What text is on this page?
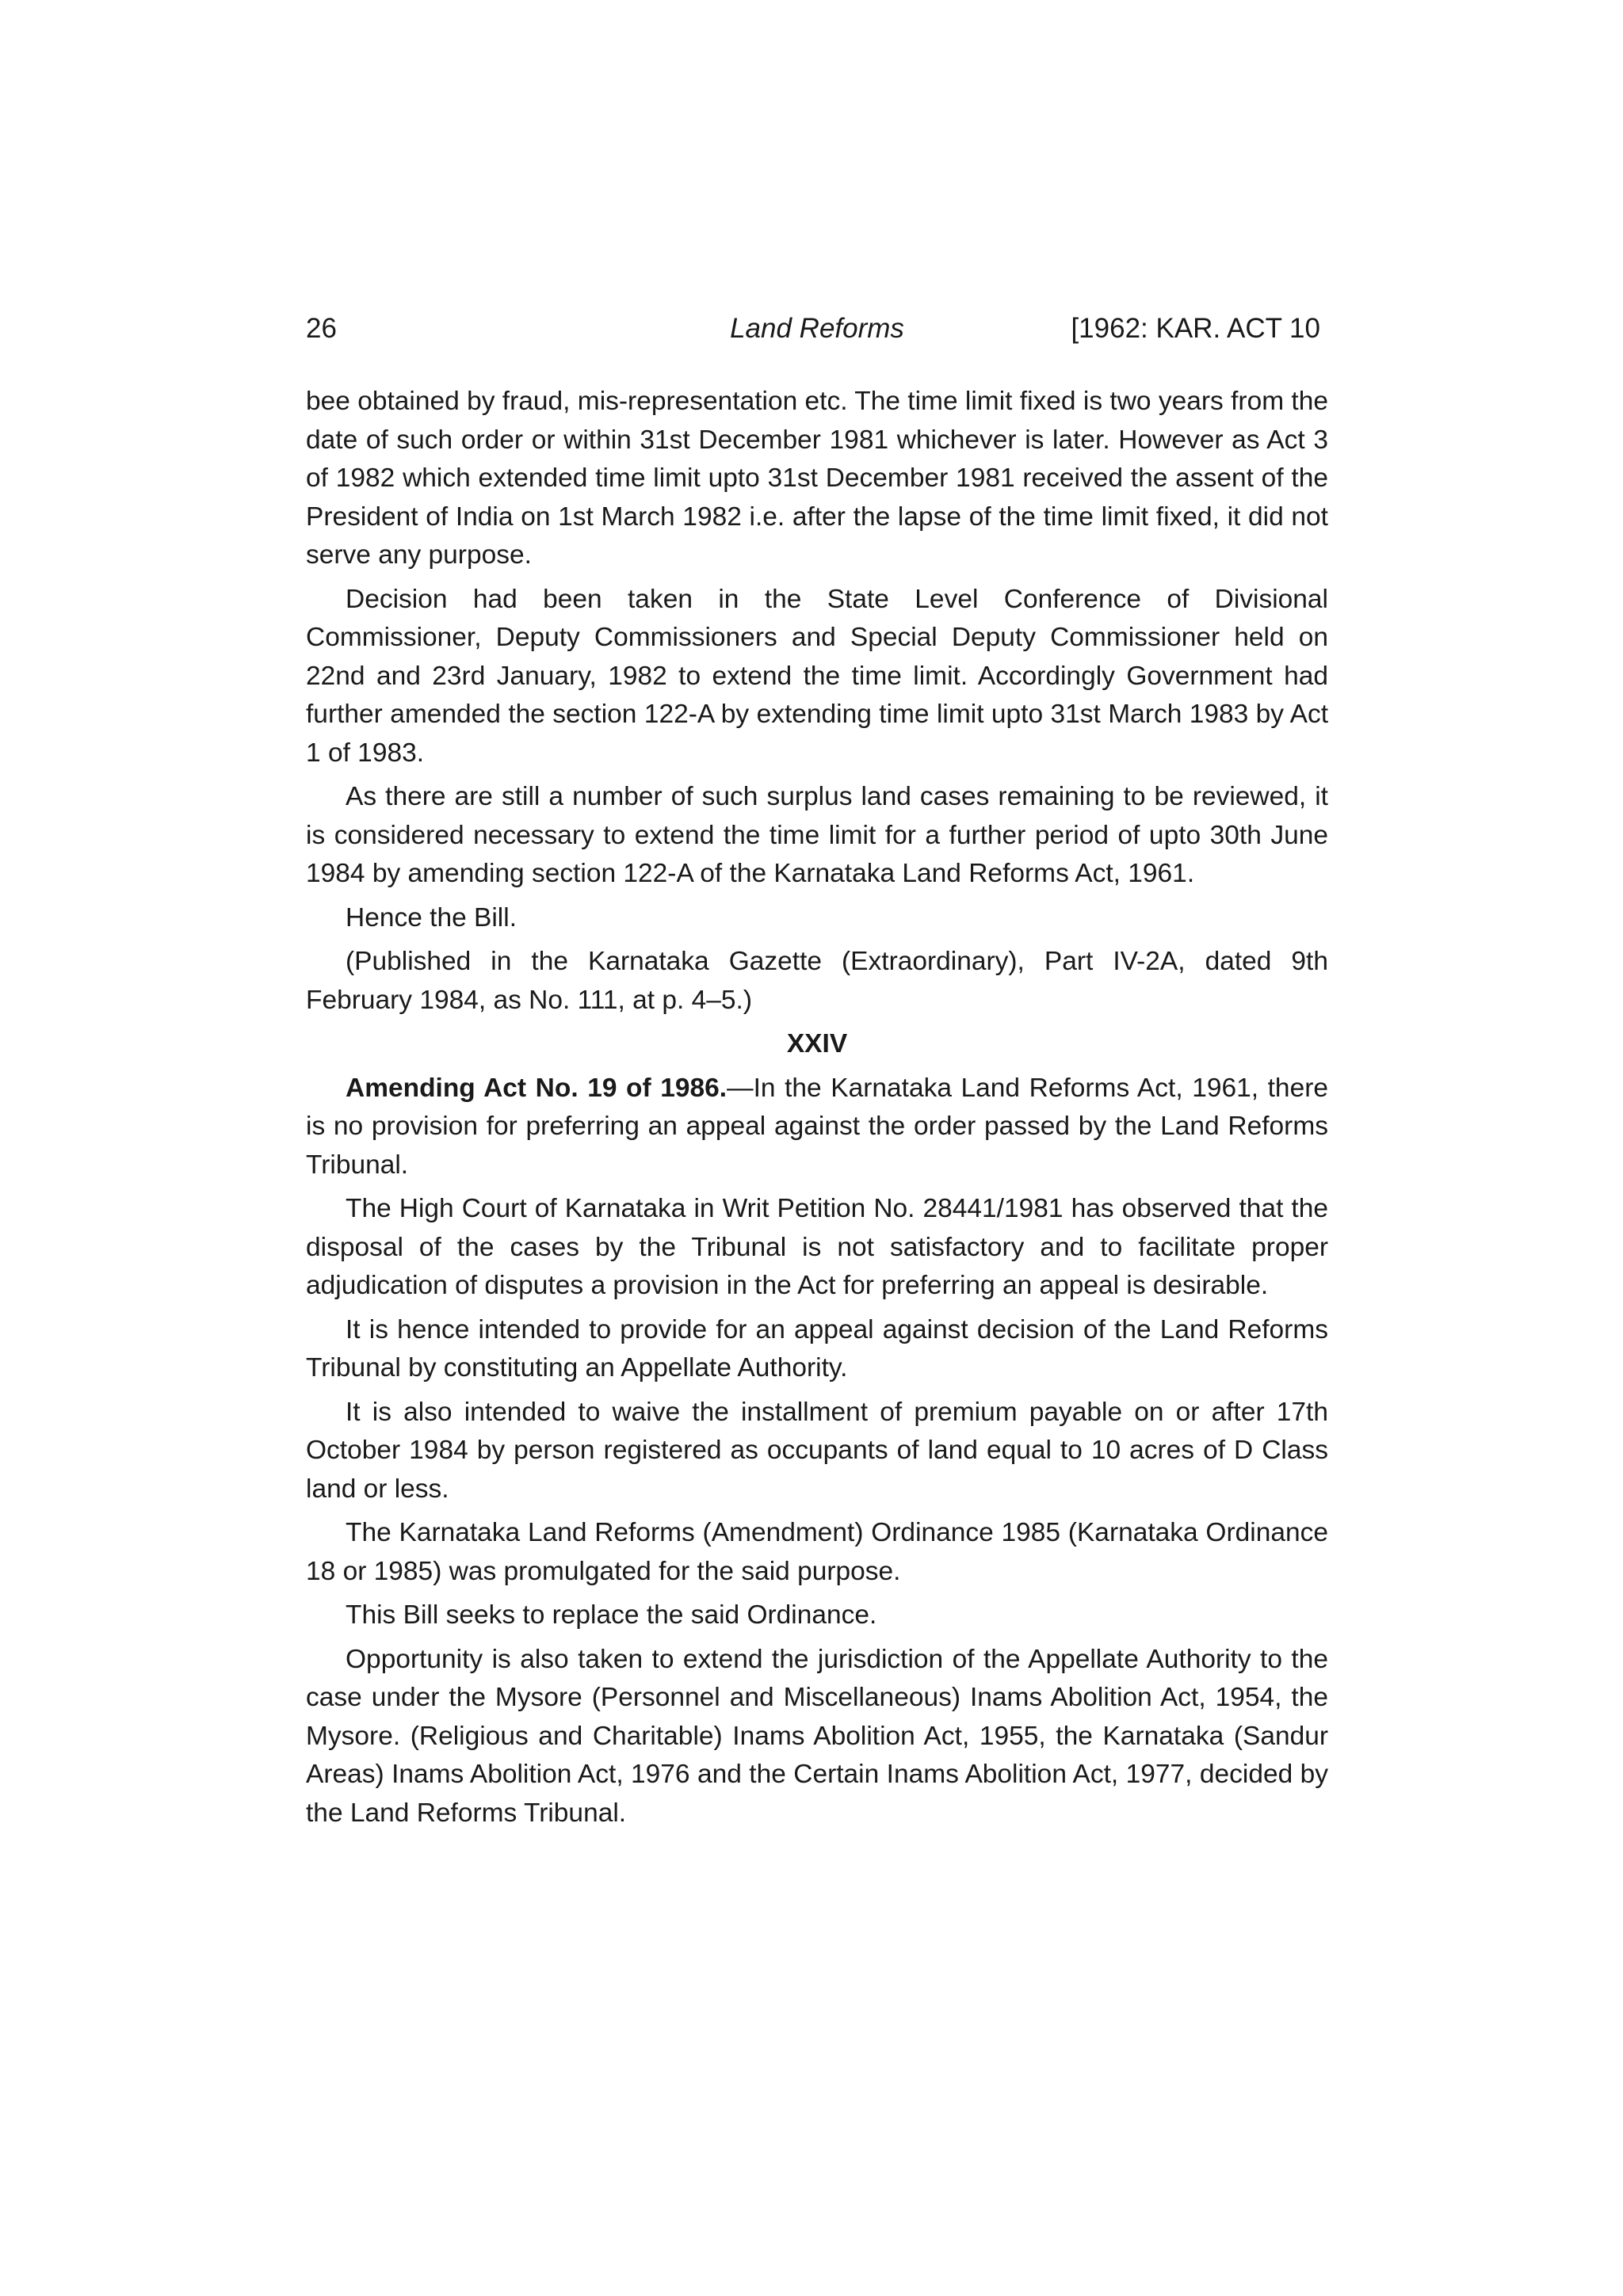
26	Land Reforms	[1962: KAR. ACT 10

bee obtained by fraud, mis-representation etc. The time limit fixed is two years from the date of such order or within 31st December 1981 whichever is later. However as Act 3 of 1982 which extended time limit upto 31st December 1981 received the assent of the President of India on 1st March 1982 i.e. after the lapse of the time limit fixed, it did not serve any purpose.

Decision had been taken in the State Level Conference of Divisional Commissioner, Deputy Commissioners and Special Deputy Commissioner held on 22nd and 23rd January, 1982 to extend the time limit. Accordingly Government had further amended the section 122-A by extending time limit upto 31st March 1983 by Act 1 of 1983.

As there are still a number of such surplus land cases remaining to be reviewed, it is considered necessary to extend the time limit for a further period of upto 30th June 1984 by amending section 122-A of the Karnataka Land Reforms Act, 1961.

Hence the Bill.

(Published in the Karnataka Gazette (Extraordinary), Part IV-2A, dated 9th February 1984, as No. 111, at p. 4–5.)

XXIV

Amending Act No. 19 of 1986.—In the Karnataka Land Reforms Act, 1961, there is no provision for preferring an appeal against the order passed by the Land Reforms Tribunal.

The High Court of Karnataka in Writ Petition No. 28441/1981 has observed that the disposal of the cases by the Tribunal is not satisfactory and to facilitate proper adjudication of disputes a provision in the Act for preferring an appeal is desirable.

It is hence intended to provide for an appeal against decision of the Land Reforms Tribunal by constituting an Appellate Authority.

It is also intended to waive the installment of premium payable on or after 17th October 1984 by person registered as occupants of land equal to 10 acres of D Class land or less.

The Karnataka Land Reforms (Amendment) Ordinance 1985 (Karnataka Ordinance 18 or 1985) was promulgated for the said purpose.

This Bill seeks to replace the said Ordinance.

Opportunity is also taken to extend the jurisdiction of the Appellate Authority to the case under the Mysore (Personnel and Miscellaneous) Inams Abolition Act, 1954, the Mysore. (Religious and Charitable) Inams Abolition Act, 1955, the Karnataka (Sandur Areas) Inams Abolition Act, 1976 and the Certain Inams Abolition Act, 1977, decided by the Land Reforms Tribunal.
